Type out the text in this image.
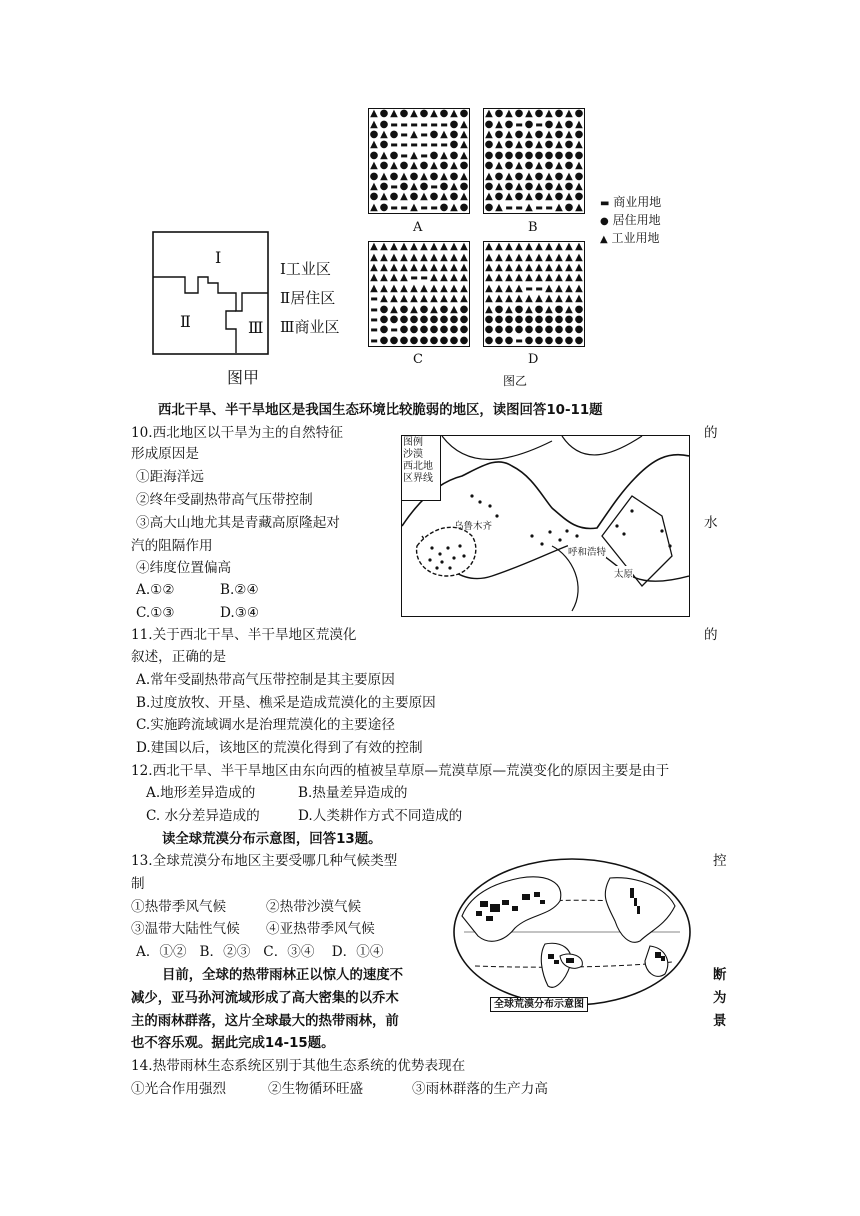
Ⅰ
Ⅱ	Ⅲ
Ⅰ工业区
Ⅱ居住区
Ⅲ商业区
图甲
▲ ● ▲ ● ▲ ● ▲ ● ▲ ●
▲ ● ▬ ▬ ▬ ▬ ▬ ▬ ● ▲
● ▲ ● ▬ ▲ ▬ ● ▲ ● ▲
▲ ● ▬ ▬ ▬ ▬ ▬ ▬ ● ▲
● ▲ ● ▬ ▲ ▬ ● ▲ ● ▲
▲ ● ▲ ● ▲ ● ▲ ● ▲ ●
● ▲ ● ▲ ● ▲ ● ▲ ● ▲
▲ ● ▬ ● ▲ ● ▬ ● ▲ ●
● ▲ ● ▲ ● ▲ ● ▲ ● ▲
▲ ● ▬ ▬ ▲ ▬ ▬ ● ▲ ●
▲ ● ▲ ● ▲ ● ▲ ● ▲ ●
● ▲ ● ▬ ● ▬ ● ▲ ● ▲
▲ ● ▲ ● ▲ ● ▲ ● ▲ ●
● ▲ ● ▲ ● ▲ ● ▲ ● ▲
● ● ● ● ● ● ● ● ● ●
● ▲ ● ▲ ● ▲ ● ▲ ● ▲
▲ ● ▲ ● ▲ ● ▲ ● ▲ ●
● ▲ ● ▲ ● ▲ ● ▲ ● ▲
▲ ● ▲ ● ▲ ● ▲ ● ▲ ●
● ▲ ▬ ▬ ▲ ▬ ▬ ▲ ● ▲
▲ ▲ ▲ ▲ ▲ ▲ ▲ ▲ ▲ ▲
▲ ▲ ▲ ▲ ▲ ▲ ▲ ▲ ▲ ▲
▲ ▲ ▲ ▲ ▲ ▲ ▲ ▲ ▲ ▲
▲ ▲ ▲ ▲ ▬ ▬ ▲ ▲ ▲ ▲
▲ ▲ ▲ ▲ ▲ ▲ ▲ ▲ ▲ ▲
▬ ▲ ▲ ▲ ▲ ▲ ▲ ▲ ▲ ▲
▬ ● ▲ ● ▲ ● ▲ ● ▲ ●
▬ ● ● ● ● ● ● ● ● ●
▬ ● ▬ ● ● ● ● ● ● ●
▬ ● ● ● ● ● ● ● ● ●
▲ ▲ ▲ ▲ ▲ ▲ ▲ ▲ ▲ ▲
▲ ▲ ▲ ▲ ▲ ▲ ▲ ▲ ▲ ▲
▲ ▲ ▲ ▲ ▲ ▲ ▲ ▲ ▲ ▲
▲ ▲ ▲ ▲ ▲ ▲ ▲ ▲ ▲ ▲
▲ ▲ ▲ ▲ ▬ ▬ ▲ ▲ ▲ ▲
▲ ▲ ▲ ▲ ▲ ▲ ▲ ▲ ▲ ▲
▲ ● ▲ ● ▲ ● ▲ ● ▲ ●
● ● ● ● ● ● ● ● ● ●
● ● ● ● ● ● ● ● ● ●
● ● ● ▬ ● ● ● ● ● ●
A	B
C	D
▬ 商业用地
● 居住用地
▲ 工业用地
图乙
西北干旱、半干旱地区是我国生态环境比较脆弱的地区，读图回答10-11题
10.西北地区以干旱为主的自然特征	的
形成原因是
①距海洋远
②终年受副热带高气压带控制
③高大山地尤其是青藏高原隆起对	水
汽的阻隔作用
④纬度位置偏高
A.①②	B.②④
C.①③	D.③④
图例
沙漠
西北地区界线
乌鲁木齐
呼和浩特
太原
11.关于西北干旱、半干旱地区荒漠化	的
叙述，正确的是
A.常年受副热带高气压带控制是其主要原因
B.过度放牧、开垦、樵采是造成荒漠化的主要原因
C.实施跨流域调水是治理荒漠化的主要途径
D.建国以后，该地区的荒漠化得到了有效的控制
12.西北干旱、半干旱地区由东向西的植被呈草原—荒漠草原—荒漠变化的原因主要是由于
A.地形差异造成的	B.热量差异造成的
C. 水分差异造成的	D.人类耕作方式不同造成的
读全球荒漠分布示意图，回答13题。
13.全球荒漠分布地区主要受哪几种气候类型	控
制
①热带季风气候	②热带沙漠气候
③温带大陆性气候 ④亚热带季风气候
A．①②   B．②③   C．③④    D．①④
全球荒漠分布示意图
目前，全球的热带雨林正以惊人的速度不	断
减少，亚马孙河流域形成了高大密集的以乔木	为
主的雨林群落，这片全球最大的热带雨林，前	景
也不容乐观。据此完成14-15题。
14.热带雨林生态系统区别于其他生态系统的优势表现在
①光合作用强烈	②生物循环旺盛	③雨林群落的生产力高
